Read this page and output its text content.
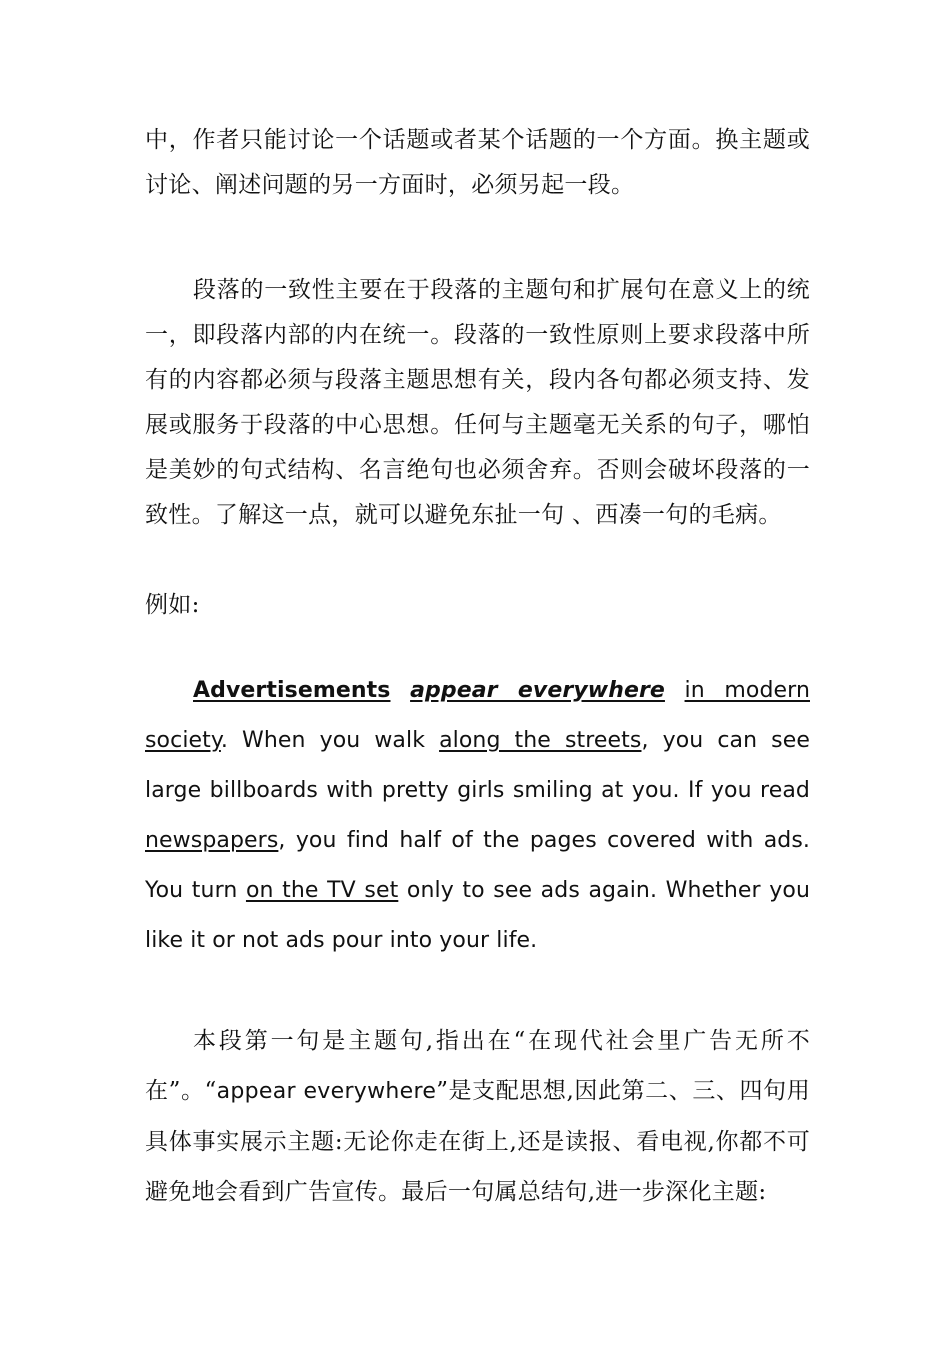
中，作者只能讨论一个话题或者某个话题的一个方面。换主题或讨论、阐述问题的另一方面时，必须另起一段。

段落的一致性主要在于段落的主题句和扩展句在意义上的统一，即段落内部的内在统一。段落的一致性原则上要求段落中所有的内容都必须与段落主题思想有关，段内各句都必须支持、发展或服务于段落的中心思想。任何与主题毫无关系的句子，哪怕是美妙的句式结构、名言绝句也必须舍弃。否则会破坏段落的一致性。了解这一点，就可以避免东扯一句 、西凑一句的毛病。

例如:

Advertisements appear everywhere in modern society. When you walk along the streets, you can see large billboards with pretty girls smiling at you. If you read newspapers, you find half of the pages covered with ads. You turn on the TV set only to see ads again. Whether you like it or not ads pour into your life.

本段第一句是主题句,指出在“在现代社会里广告无所不在”。“appear everywhere”是支配思想,因此第二、三、四句用具体事实展示主题:无论你走在街上,还是读报、看电视,你都不可避免地会看到广告宣传。最后一句属总结句,进一步深化主题:
